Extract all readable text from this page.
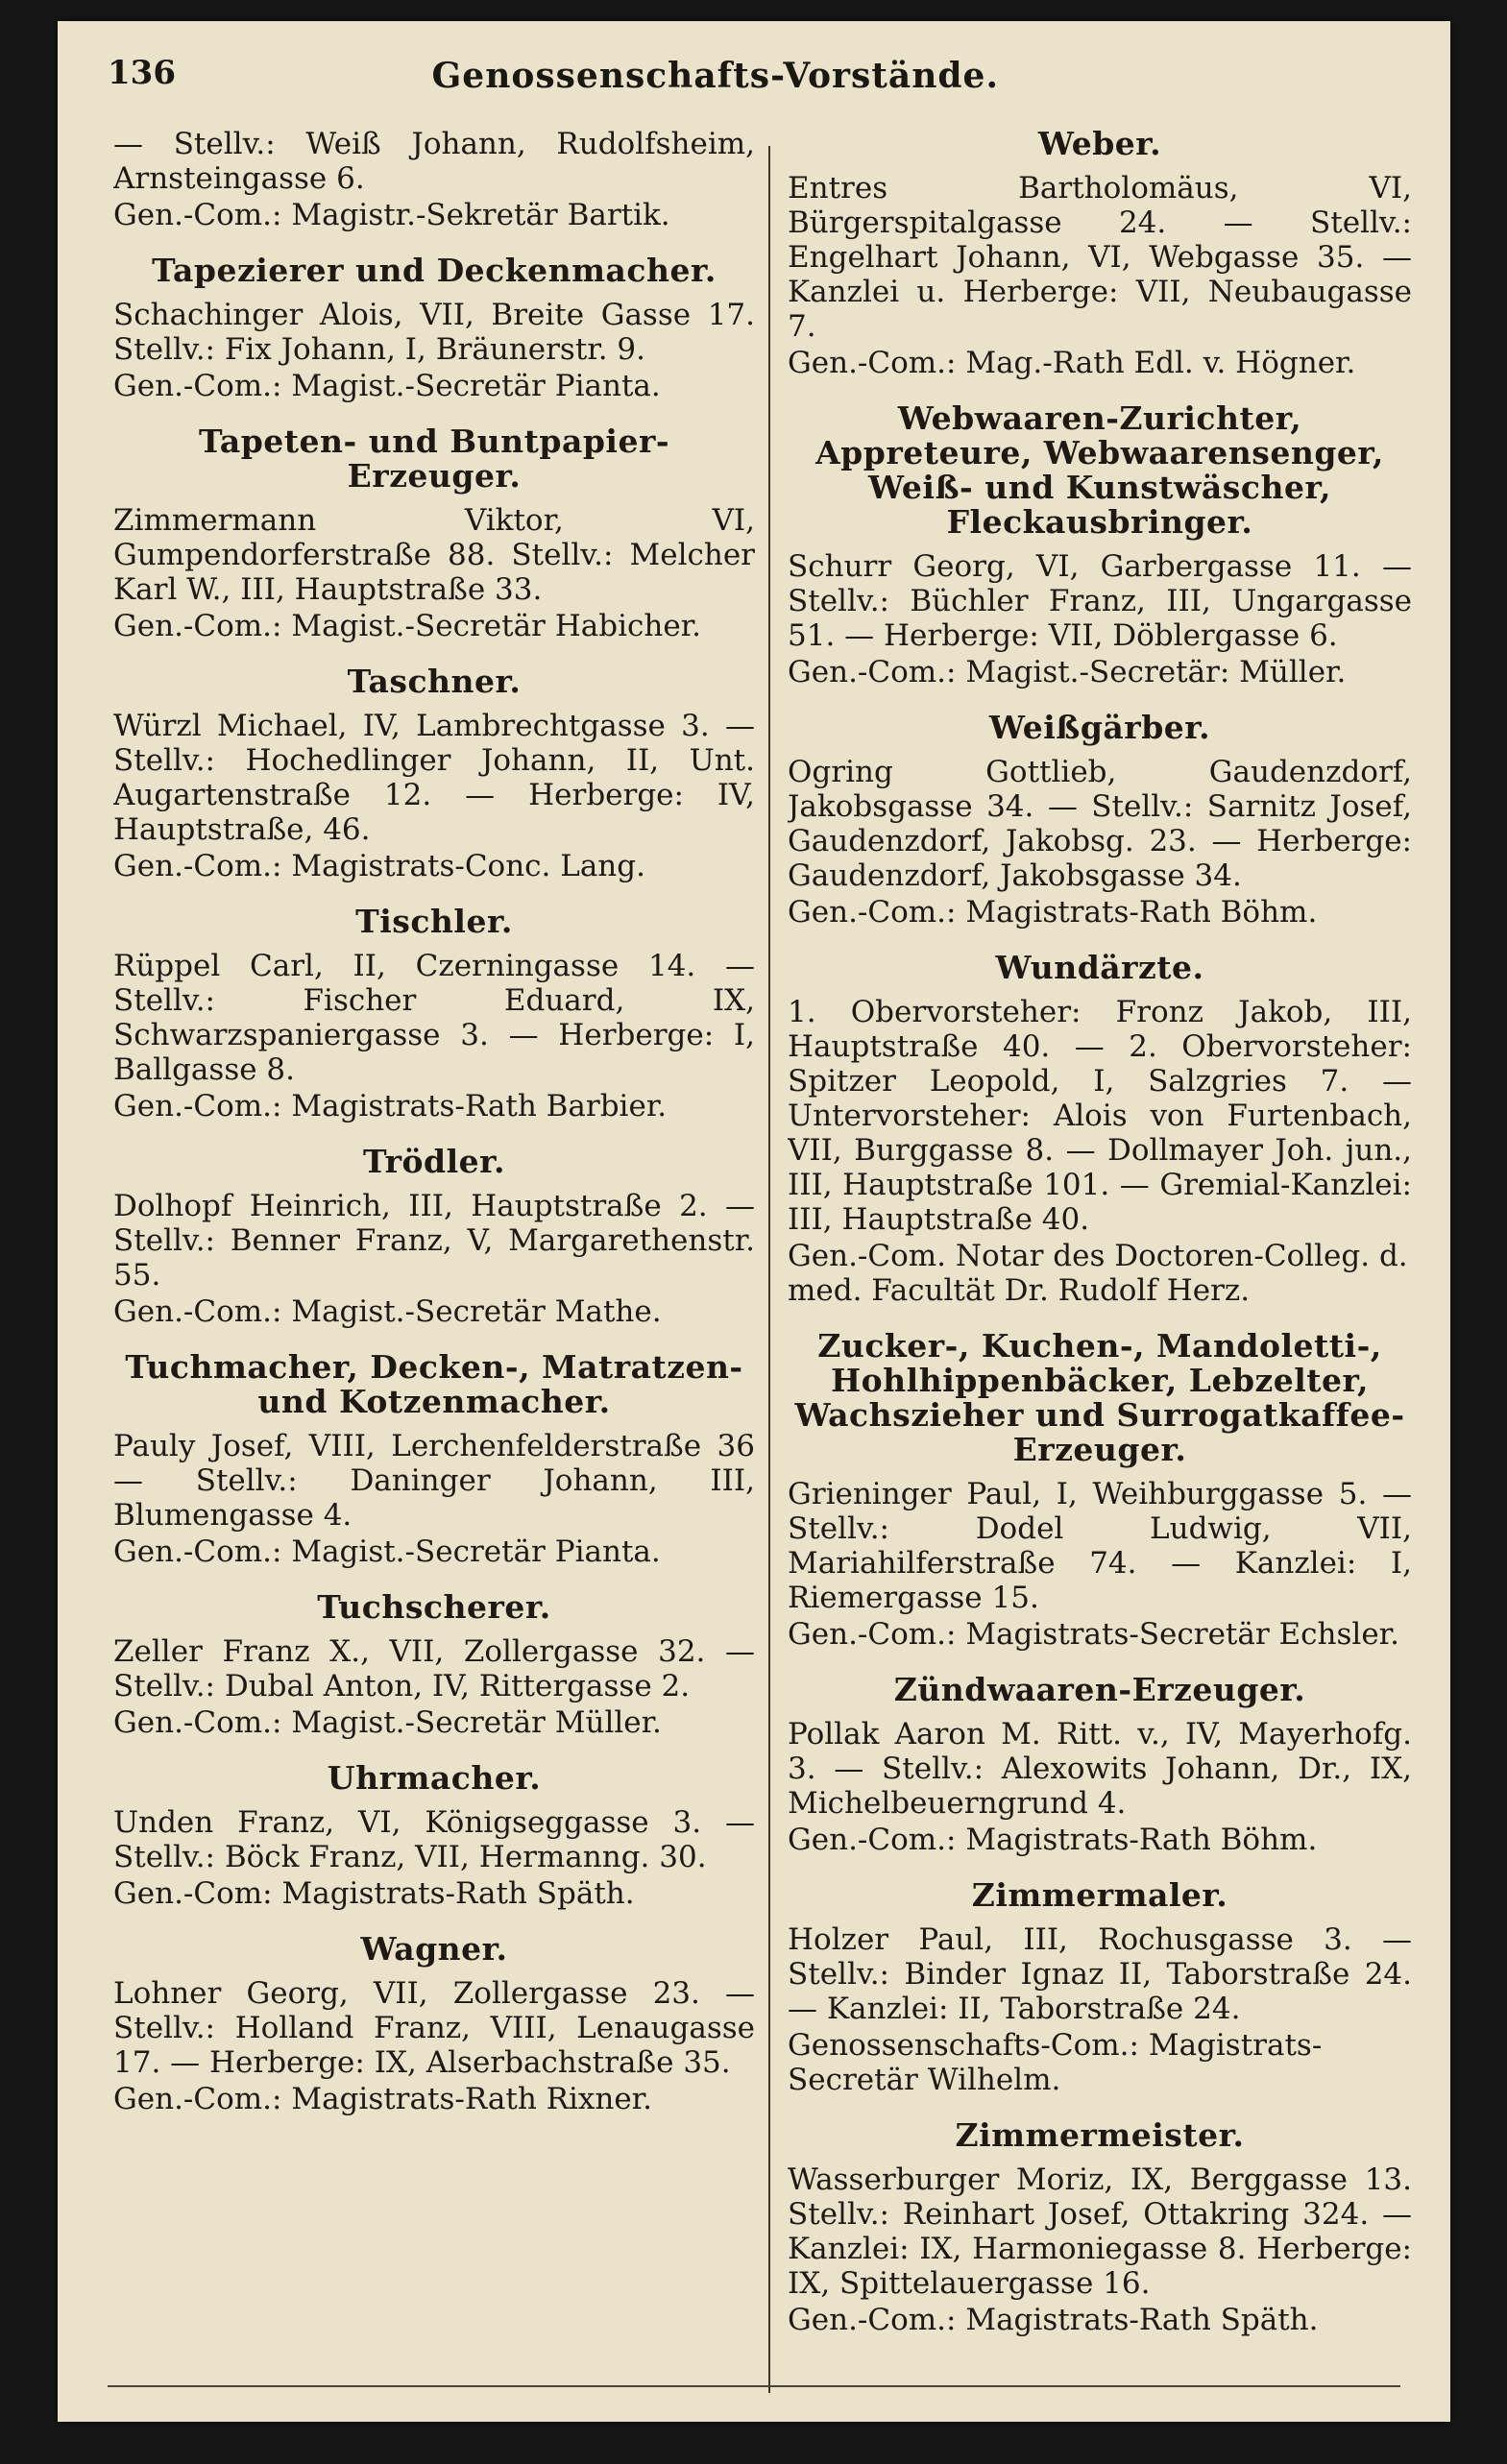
136	Genossenschafts-Vorstände.

— Stellv.: Weiß Johann, Rudolfsheim, Arnsteingasse 6.

Gen.-Com.: Magistr.-Sekretär Bartik.

Tapezierer und Deckenmacher.

Schachinger Alois, VII, Breite Gasse 17. Stellv.: Fix Johann, I, Bräunerstr. 9.

Gen.-Com.: Magist.-Secretär Pianta.

Tapeten- und Buntpapier-Erzeuger.

Zimmermann Viktor, VI, Gumpendorferstraße 88. Stellv.: Melcher Karl W., III, Hauptstraße 33.

Gen.-Com.: Magist.-Secretär Habicher.

Taschner.

Würzl Michael, IV, Lambrechtgasse 3. — Stellv.: Hochedlinger Johann, II, Unt. Augartenstraße 12. — Herberge: IV, Hauptstraße, 46.

Gen.-Com.: Magistrats-Conc. Lang.

Tischler.

Rüppel Carl, II, Czerningasse 14. — Stellv.: Fischer Eduard, IX, Schwarzspaniergasse 3. — Herberge: I, Ballgasse 8.

Gen.-Com.: Magistrats-Rath Barbier.

Trödler.

Dolhopf Heinrich, III, Hauptstraße 2. — Stellv.: Benner Franz, V, Margarethenstr. 55.

Gen.-Com.: Magist.-Secretär Mathe.

Tuchmacher, Decken-, Matratzen- und Kotzenmacher.

Pauly Josef, VIII, Lerchenfelderstraße 36 — Stellv.: Daninger Johann, III, Blumengasse 4.

Gen.-Com.: Magist.-Secretär Pianta.

Tuchscherer.

Zeller Franz X., VII, Zollergasse 32. — Stellv.: Dubal Anton, IV, Rittergasse 2.

Gen.-Com.: Magist.-Secretär Müller.

Uhrmacher.

Unden Franz, VI, Königseggasse 3. — Stellv.: Böck Franz, VII, Hermanng. 30.

Gen.-Com: Magistrats-Rath Späth.

Wagner.

Lohner Georg, VII, Zollergasse 23. — Stellv.: Holland Franz, VIII, Lenaugasse 17. — Herberge: IX, Alserbachstraße 35.

Gen.-Com.: Magistrats-Rath Rixner.

Weber.

Entres Bartholomäus, VI, Bürgerspitalgasse 24. — Stellv.: Engelhart Johann, VI, Webgasse 35. — Kanzlei u. Herberge: VII, Neubaugasse 7.

Gen.-Com.: Mag.-Rath Edl. v. Högner.

Webwaaren-Zurichter, Appreteure, Webwaarensenger, Weiß- und Kunstwäscher, Fleckausbringer.

Schurr Georg, VI, Garbergasse 11. — Stellv.: Büchler Franz, III, Ungargasse 51. — Herberge: VII, Döblergasse 6.

Gen.-Com.: Magist.-Secretär: Müller.

Weißgärber.

Ogring Gottlieb, Gaudenzdorf, Jakobsgasse 34. — Stellv.: Sarnitz Josef, Gaudenzdorf, Jakobsg. 23. — Herberge: Gaudenzdorf, Jakobsgasse 34.

Gen.-Com.: Magistrats-Rath Böhm.

Wundärzte.

1. Obervorsteher: Fronz Jakob, III, Hauptstraße 40. — 2. Obervorsteher: Spitzer Leopold, I, Salzgries 7. — Untervorsteher: Alois von Furtenbach, VII, Burggasse 8. — Dollmayer Joh. jun., III, Hauptstraße 101. — Gremial-Kanzlei: III, Hauptstraße 40.

Gen.-Com. Notar des Doctoren-Colleg. d. med. Facultät Dr. Rudolf Herz.

Zucker-, Kuchen-, Mandoletti-, Hohlhippenbäcker, Lebzelter, Wachszieher und Surrogatkaffee-Erzeuger.

Grieninger Paul, I, Weihburggasse 5. — Stellv.: Dodel Ludwig, VII, Mariahilferstraße 74. — Kanzlei: I, Riemergasse 15.

Gen.-Com.: Magistrats-Secretär Echsler.

Zündwaaren-Erzeuger.

Pollak Aaron M. Ritt. v., IV, Mayerhofg. 3. — Stellv.: Alexowits Johann, Dr., IX, Michelbeuerngrund 4.

Gen.-Com.: Magistrats-Rath Böhm.

Zimmermaler.

Holzer Paul, III, Rochusgasse 3. — Stellv.: Binder Ignaz II, Taborstraße 24. — Kanzlei: II, Taborstraße 24.

Genossenschafts-Com.: Magistrats-Secretär Wilhelm.

Zimmermeister.

Wasserburger Moriz, IX, Berggasse 13. Stellv.: Reinhart Josef, Ottakring 324. — Kanzlei: IX, Harmoniegasse 8. Herberge: IX, Spittelauergasse 16.

Gen.-Com.: Magistrats-Rath Späth.
